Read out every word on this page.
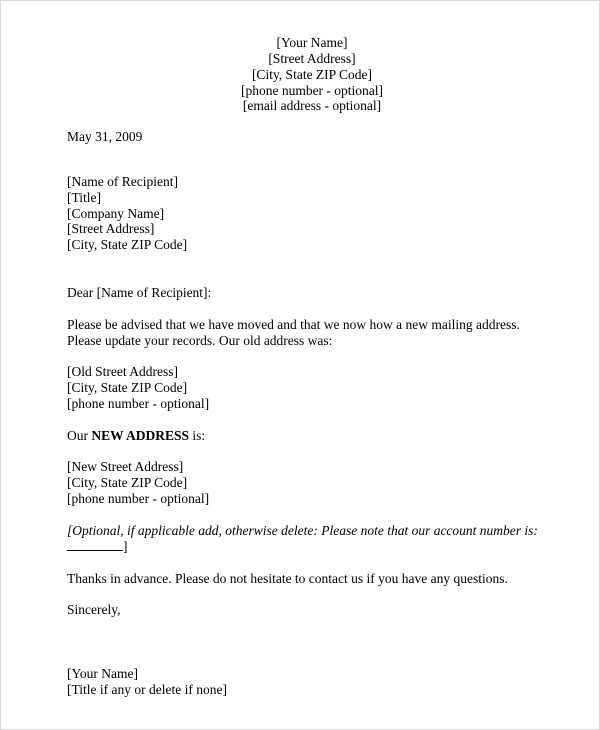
[Your Name]
[Street Address]
[City, State ZIP Code]
[phone number - optional]
[email address - optional]
May 31, 2009
[Name of Recipient]
[Title]
[Company Name]
[Street Address]
[City, State ZIP Code]
Dear [Name of Recipient]:
Please be advised that we have moved and that we now how a new mailing address.
Please update your records. Our old address was:
[Old Street Address]
[City, State ZIP Code]
[phone number - optional]
Our NEW ADDRESS is:
[New Street Address]
[City, State ZIP Code]
[phone number - optional]
[Optional, if applicable add, otherwise delete: Please note that our account number is:
]
Thanks in advance. Please do not hesitate to contact us if you have any questions.
Sincerely,
[Your Name]
[Title if any or delete if none]
